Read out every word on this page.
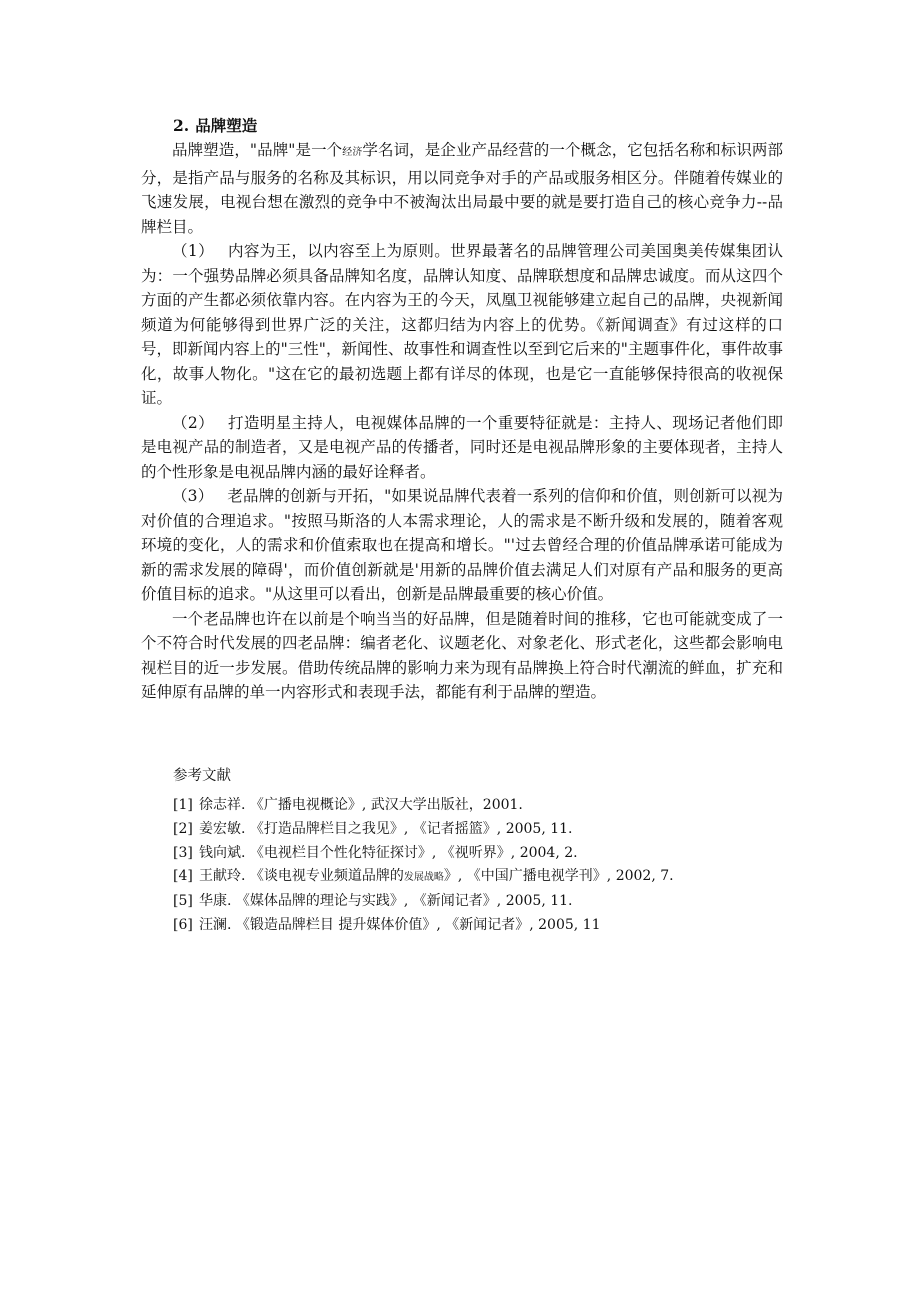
2. 品牌塑造

品牌塑造，"品牌"是一个经济学名词，是企业产品经营的一个概念，它包括名称和标识两部分，是指产品与服务的名称及其标识，用以同竞争对手的产品或服务相区分。伴随着传媒业的飞速发展，电视台想在激烈的竞争中不被淘汰出局最中要的就是要打造自己的核心竞争力--品牌栏目。

（1） 内容为王，以内容至上为原则。世界最著名的品牌管理公司美国奥美传媒集团认为：一个强势品牌必须具备品牌知名度，品牌认知度、品牌联想度和品牌忠诚度。而从这四个方面的产生都必须依靠内容。在内容为王的今天，凤凰卫视能够建立起自己的品牌，央视新闻频道为何能够得到世界广泛的关注，这都归结为内容上的优势。《新闻调查》有过这样的口号，即新闻内容上的"三性"，新闻性、故事性和调查性以至到它后来的"主题事件化，事件故事化，故事人物化。"这在它的最初选题上都有详尽的体现，也是它一直能够保持很高的收视保证。

（2） 打造明星主持人，电视媒体品牌的一个重要特征就是：主持人、现场记者他们即是电视产品的制造者，又是电视产品的传播者，同时还是电视品牌形象的主要体现者，主持人的个性形象是电视品牌内涵的最好诠释者。

（3） 老品牌的创新与开拓，"如果说品牌代表着一系列的信仰和价值，则创新可以视为对价值的合理追求。"按照马斯洛的人本需求理论，人的需求是不断升级和发展的，随着客观环境的变化，人的需求和价值索取也在提高和增长。"'过去曾经合理的价值品牌承诺可能成为新的需求发展的障碍'，而价值创新就是'用新的品牌价值去满足人们对原有产品和服务的更高价值目标的追求。"从这里可以看出，创新是品牌最重要的核心价值。

一个老品牌也许在以前是个响当当的好品牌，但是随着时间的推移，它也可能就变成了一个不符合时代发展的四老品牌：编者老化、议题老化、对象老化、形式老化，这些都会影响电视栏目的近一步发展。借助传统品牌的影响力来为现有品牌换上符合时代潮流的鲜血，扩充和延伸原有品牌的单一内容形式和表现手法，都能有利于品牌的塑造。

参考文献

[1] 徐志祥. 《广播电视概论》, 武汉大学出版社，2001.
[2] 姜宏敏. 《打造品牌栏目之我见》, 《记者摇篮》, 2005, 11.
[3] 钱向斌. 《电视栏目个性化特征探讨》, 《视听界》, 2004, 2.
[4] 王献玲. 《谈电视专业频道品牌的发展战略》, 《中国广播电视学刊》, 2002, 7.
[5] 华康. 《媒体品牌的理论与实践》, 《新闻记者》, 2005, 11.
[6] 汪澜. 《锻造品牌栏目 提升媒体价值》, 《新闻记者》, 2005, 11
